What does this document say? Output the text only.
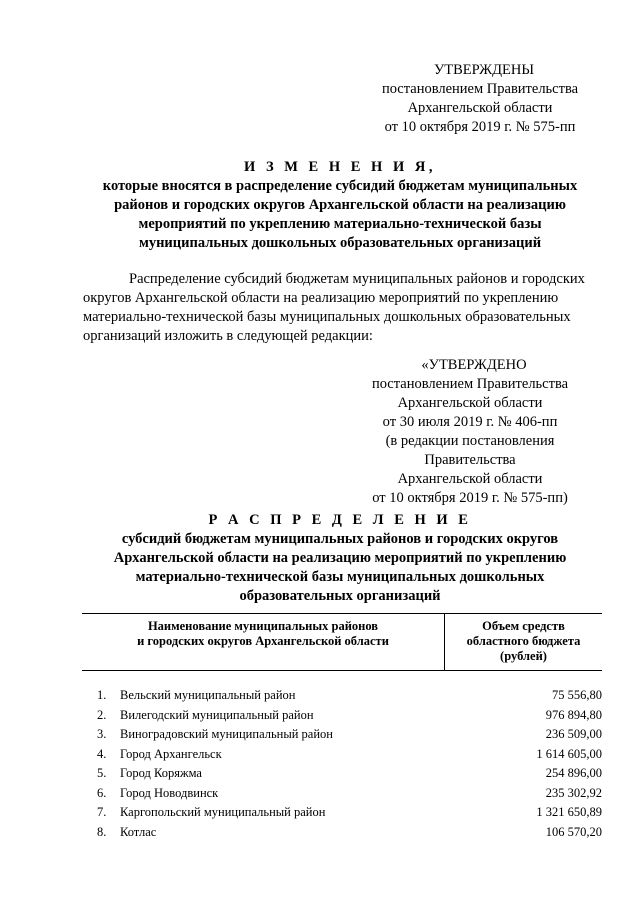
УТВЕРЖДЕНЫ
постановлением Правительства
Архангельской области
от 10 октября 2019 г. № 575-пп
И З М Е Н Е Н И Я,
которые вносятся в распределение субсидий бюджетам муниципальных
районов и городских округов Архангельской области на реализацию
мероприятий по укреплению материально-технической базы
муниципальных дошкольных образовательных организаций
Распределение субсидий бюджетам муниципальных районов и городских
округов Архангельской области на реализацию мероприятий по укреплению
материально-технической базы муниципальных дошкольных образовательных
организаций изложить в следующей редакции:
«УТВЕРЖДЕНО
постановлением Правительства
Архангельской области
от 30 июля 2019 г. № 406-пп
(в редакции постановления Правительства
Архангельской области
от 10 октября 2019 г. № 575-пп)
Р А С П Р Е Д Е Л Е Н И Е
субсидий бюджетам муниципальных районов и городских округов
Архангельской области на реализацию мероприятий по укреплению
материально-технической базы муниципальных дошкольных
образовательных организаций
Наименование муниципальных районов
и городских округов Архангельской области
Объем средств
областного бюджета
(рублей)
1.	Вельский муниципальный район	75 556,80
2.	Вилегодский муниципальный район	976 894,80
3.	Виноградовский муниципальный район	236 509,00
4.	Город Архангельск	1 614 605,00
5.	Город Коряжма	254 896,00
6.	Город Новодвинск	235 302,92
7.	Каргопольский муниципальный район	1 321 650,89
8.	Котлас	106 570,20
